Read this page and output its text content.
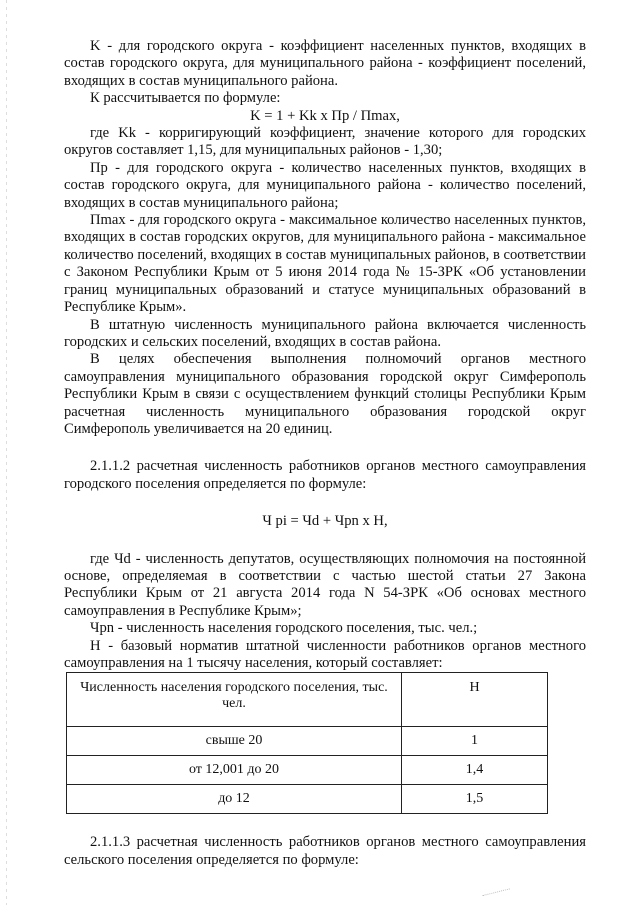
K - для городского округа - коэффициент населенных пунктов, входящих в состав городского округа, для муниципального района - коэффициент поселений, входящих в состав муниципального района.

К рассчитывается по формуле:

K = 1 + Kk x Пр / Пmax,

где Kk - корригирующий коэффициент, значение которого для городских округов составляет 1,15, для муниципальных районов - 1,30;

Пр - для городского округа - количество населенных пунктов, входящих в состав городского округа, для муниципального района - количество поселений, входящих в состав муниципального района;

Пmax - для городского округа - максимальное количество населенных пунктов, входящих в состав городских округов, для муниципального района - максимальное количество поселений, входящих в состав муниципальных районов, в соответствии с Законом Республики Крым от 5 июня 2014 года № 15-ЗРК «Об установлении границ муниципальных образований и статусе муниципальных образований в Республике Крым».

В штатную численность муниципального района включается численность городских и сельских поселений, входящих в состав района.

В целях обеспечения выполнения полномочий органов местного самоуправления муниципального образования городской округ Симферополь Республики Крым в связи с осуществлением функций столицы Республики Крым расчетная численность муниципального образования городской округ Симферополь увеличивается на 20 единиц.

2.1.1.2 расчетная численность работников органов местного самоуправления городского поселения определяется по формуле:

Ч pi = Чd + Чpn x H,

где Чd - численность депутатов, осуществляющих полномочия на постоянной основе, определяемая в соответствии с частью шестой статьи 27 Закона Республики Крым от 21 августа 2014 года N 54-ЗРК «Об основах местного самоуправления в Республике Крым»;

Чpn - численность населения городского поселения, тыс. чел.;

Н - базовый норматив штатной численности работников органов местного самоуправления на 1 тысячу населения, который составляет:

Численность населения городского поселения, тыс. чел.	Н
свыше 20	1
от 12,001 до 20	1,4
до 12	1,5

2.1.1.3 расчетная численность работников органов местного самоуправления сельского поселения определяется по формуле:
